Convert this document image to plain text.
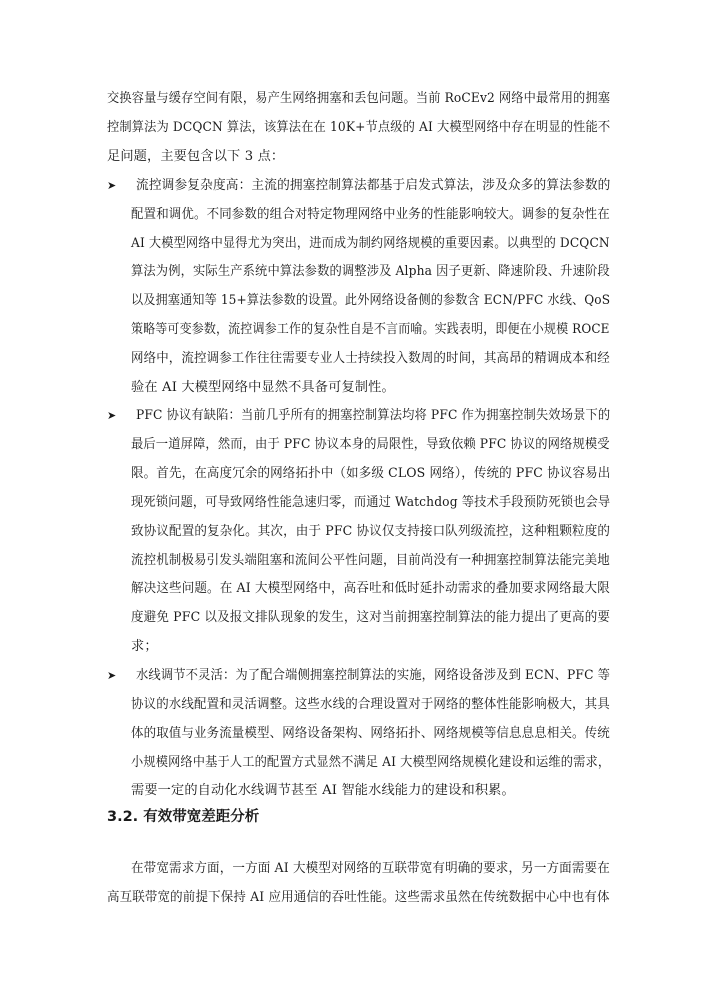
交换容量与缓存空间有限，易产生网络拥塞和丢包问题。当前 RoCEv2 网络中最常用的拥塞
控制算法为 DCQCN 算法，该算法在在 10K+节点级的 AI 大模型网络中存在明显的性能不
足问题，主要包含以下 3 点：
➤ 流控调参复杂度高：主流的拥塞控制算法都基于启发式算法，涉及众多的算法参数的
配置和调优。不同参数的组合对特定物理网络中业务的性能影响较大。调参的复杂性在
AI 大模型网络中显得尤为突出，进而成为制约网络规模的重要因素。以典型的 DCQCN
算法为例，实际生产系统中算法参数的调整涉及 Alpha 因子更新、降速阶段、升速阶段
以及拥塞通知等 15+算法参数的设置。此外网络设备侧的参数含 ECN/PFC 水线、QoS
策略等可变参数，流控调参工作的复杂性自是不言而喻。实践表明，即便在小规模 ROCE
网络中，流控调参工作往往需要专业人士持续投入数周的时间，其高昂的精调成本和经
验在 AI 大模型网络中显然不具备可复制性。
➤ PFC 协议有缺陷：当前几乎所有的拥塞控制算法均将 PFC 作为拥塞控制失效场景下的
最后一道屏障，然而，由于 PFC 协议本身的局限性，导致依赖 PFC 协议的网络规模受
限。首先，在高度冗余的网络拓扑中（如多级 CLOS 网络），传统的 PFC 协议容易出
现死锁问题，可导致网络性能急速归零，而通过 Watchdog 等技术手段预防死锁也会导
致协议配置的复杂化。其次，由于 PFC 协议仅支持接口队列级流控，这种粗颗粒度的
流控机制极易引发头端阻塞和流间公平性问题，目前尚没有一种拥塞控制算法能完美地
解决这些问题。在 AI 大模型网络中，高吞吐和低时延扑动需求的叠加要求网络最大限
度避免 PFC 以及报文排队现象的发生，这对当前拥塞控制算法的能力提出了更高的要
求；
➤ 水线调节不灵活：为了配合端侧拥塞控制算法的实施，网络设备涉及到 ECN、PFC 等
协议的水线配置和灵活调整。这些水线的合理设置对于网络的整体性能影响极大，其具
体的取值与业务流量模型、网络设备架构、网络拓扑、网络规模等信息息息相关。传统
小规模网络中基于人工的配置方式显然不满足 AI 大模型网络规模化建设和运维的需求，
需要一定的自动化水线调节甚至 AI 智能水线能力的建设和积累。
3.2. 有效带宽差距分析
在带宽需求方面，一方面 AI 大模型对网络的互联带宽有明确的要求，另一方面需要在
高互联带宽的前提下保持 AI 应用通信的吞吐性能。这些需求虽然在传统数据中心中也有体
